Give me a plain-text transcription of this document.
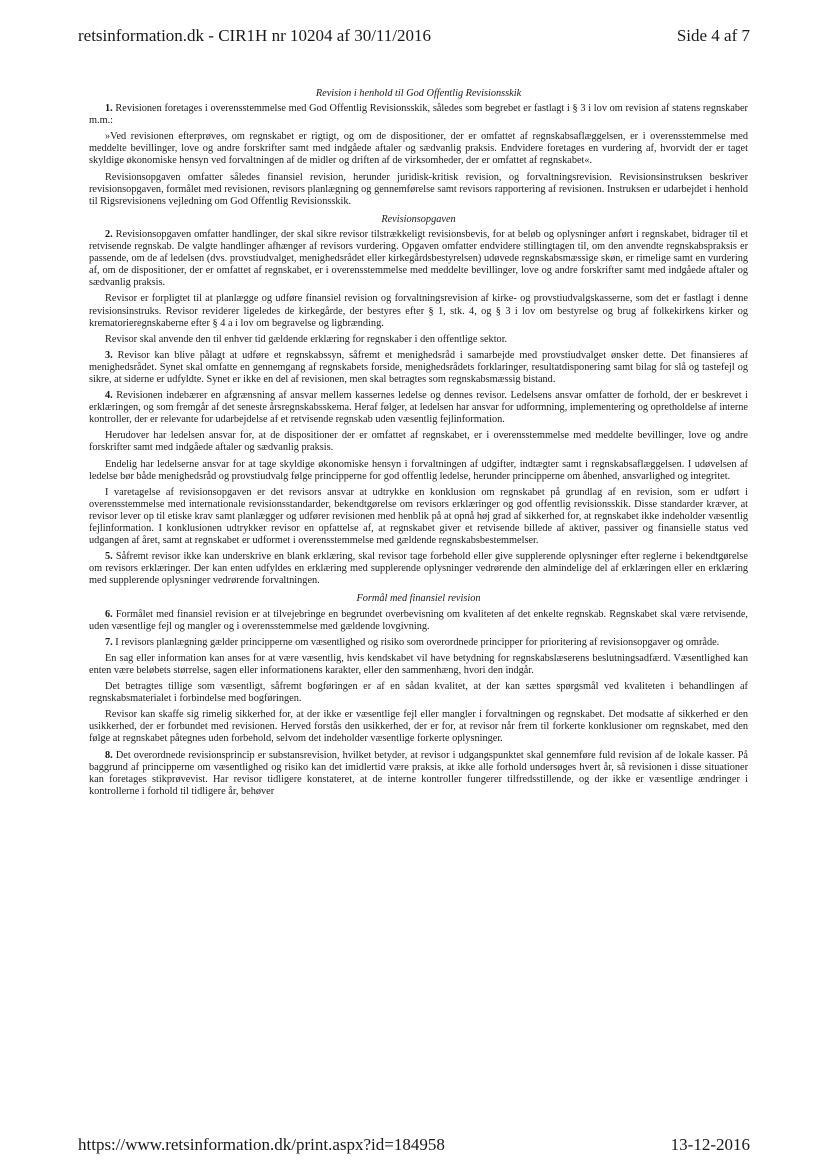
retsinformation.dk - CIR1H nr 10204 af 30/11/2016	Side 4 af 7
Revision i henhold til God Offentlig Revisionsskik

1. Revisionen foretages i overensstemmelse med God Offentlig Revisionsskik, således som begrebet er fastlagt i § 3 i lov om revision af statens regnskaber m.m.:

»Ved revisionen efterprøves, om regnskabet er rigtigt, og om de dispositioner, der er omfattet af regnskabsaflæggelsen, er i overensstemmelse med meddelte bevillinger, love og andre forskrifter samt med indgåede aftaler og sædvanlig praksis. Endvidere foretages en vurdering af, hvorvidt der er taget skyldige økonomiske hensyn ved forvaltningen af de midler og driften af de virksomheder, der er omfattet af regnskabet«.

Revisionsopgaven omfatter således finansiel revision, herunder juridisk-kritisk revision, og forvaltningsrevision. Revisionsinstruksen beskriver revisionsopgaven, formålet med revisionen, revisors planlægning og gennemførelse samt revisors rapportering af revisionen. Instruksen er udarbejdet i henhold til Rigsrevisionens vejledning om God Offentlig Revisionsskik.

Revisionsopgaven

2. Revisionsopgaven omfatter handlinger, der skal sikre revisor tilstrækkeligt revisionsbevis, for at beløb og oplysninger anført i regnskabet, bidrager til et retvisende regnskab. De valgte handlinger afhænger af revisors vurdering. Opgaven omfatter endvidere stillingtagen til, om den anvendte regnskabspraksis er passende, om de af ledelsen (dvs. provstiudvalget, menighedsrådet eller kirkegårdsbestyrelsen) udøvede regnskabsmæssige skøn, er rimelige samt en vurdering af, om de dispositioner, der er omfattet af regnskabet, er i overensstemmelse med meddelte bevillinger, love og andre forskrifter samt med indgåede aftaler og sædvanlig praksis.

Revisor er forpligtet til at planlægge og udføre finansiel revision og forvaltningsrevision af kirke- og provstiudvalgskasserne, som det er fastlagt i denne revisionsinstruks. Revisor reviderer ligeledes de kirkegårde, der bestyres efter § 1, stk. 4, og § 3 i lov om bestyrelse og brug af folkekirkens kirker og krematorieregnskaberne efter § 4 a i lov om begravelse og ligbrænding.

Revisor skal anvende den til enhver tid gældende erklæring for regnskaber i den offentlige sektor.

3. Revisor kan blive pålagt at udføre et regnskabssyn, såfremt et menighedsråd i samarbejde med provstiudvalget ønsker dette. Det finansieres af menighedsrådet. Synet skal omfatte en gennemgang af regnskabets forside, menighedsrådets forklaringer, resultatdisponering samt bilag for slå og tastefejl og sikre, at siderne er udfyldte. Synet er ikke en del af revisionen, men skal betragtes som regnskabsmæssig bistand.

4. Revisionen indebærer en afgrænsning af ansvar mellem kassernes ledelse og dennes revisor. Ledelsens ansvar omfatter de forhold, der er beskrevet i erklæringen, og som fremgår af det seneste årsregnskabsskema. Heraf følger, at ledelsen har ansvar for udformning, implementering og opretholdelse af interne kontroller, der er relevante for udarbejdelse af et retvisende regnskab uden væsentlig fejlinformation.

Herudover har ledelsen ansvar for, at de dispositioner der er omfattet af regnskabet, er i overensstemmelse med meddelte bevillinger, love og andre forskrifter samt med indgåede aftaler og sædvanlig praksis.

Endelig har ledelserne ansvar for at tage skyldige økonomiske hensyn i forvaltningen af udgifter, indtægter samt i regnskabsaflæggelsen. I udøvelsen af ledelse bør både menighedsråd og provstiudvalg følge principperne for god offentlig ledelse, herunder principperne om åbenhed, ansvarlighed og integritet.

I varetagelse af revisionsopgaven er det revisors ansvar at udtrykke en konklusion om regnskabet på grundlag af en revision, som er udført i overensstemmelse med internationale revisionsstandarder, bekendtgørelse om revisors erklæringer og god offentlig revisionsskik. Disse standarder kræver, at revisor lever op til etiske krav samt planlægger og udfører revisionen med henblik på at opnå høj grad af sikkerhed for, at regnskabet ikke indeholder væsentlig fejlinformation. I konklusionen udtrykker revisor en opfattelse af, at regnskabet giver et retvisende billede af aktiver, passiver og finansielle status ved udgangen af året, samt at regnskabet er udformet i overensstemmelse med gældende regnskabsbestemmelser.

5. Såfremt revisor ikke kan underskrive en blank erklæring, skal revisor tage forbehold eller give supplerende oplysninger efter reglerne i bekendtgørelse om revisors erklæringer. Der kan enten udfyldes en erklæring med supplerende oplysninger vedrørende den almindelige del af erklæringen eller en erklæring med supplerende oplysninger vedrørende forvaltningen.

Formål med finansiel revision

6. Formålet med finansiel revision er at tilvejebringe en begrundet overbevisning om kvaliteten af det enkelte regnskab. Regnskabet skal være retvisende, uden væsentlige fejl og mangler og i overensstemmelse med gældende lovgivning.

7. I revisors planlægning gælder principperne om væsentlighed og risiko som overordnede principper for prioritering af revisionsopgaver og område.

En sag eller information kan anses for at være væsentlig, hvis kendskabet vil have betydning for regnskabslæserens beslutningsadfærd. Væsentlighed kan enten være beløbets størrelse, sagen eller informationens karakter, eller den sammenhæng, hvori den indgår.

Det betragtes tillige som væsentligt, såfremt bogføringen er af en sådan kvalitet, at der kan sættes spørgsmål ved kvaliteten i behandlingen af regnskabsmaterialet i forbindelse med bogføringen.

Revisor kan skaffe sig rimelig sikkerhed for, at der ikke er væsentlige fejl eller mangler i forvaltningen og regnskabet. Det modsatte af sikkerhed er den usikkerhed, der er forbundet med revisionen. Herved forstås den usikkerhed, der er for, at revisor når frem til forkerte konklusioner om regnskabet, med den følge at regnskabet påtegnes uden forbehold, selvom det indeholder væsentlige forkerte oplysninger.

8. Det overordnede revisionsprincip er substansrevision, hvilket betyder, at revisor i udgangspunktet skal gennemføre fuld revision af de lokale kasser. På baggrund af principperne om væsentlighed og risiko kan det imidlertid være praksis, at ikke alle forhold undersøges hvert år, så revisionen i disse situationer kan foretages stikprøvevist. Har revisor tidligere konstateret, at de interne kontroller fungerer tilfredsstillende, og der ikke er væsentlige ændringer i kontrollerne i forhold til tidligere år, behøver

https://www.retsinformation.dk/print.aspx?id=184958	13-12-2016
